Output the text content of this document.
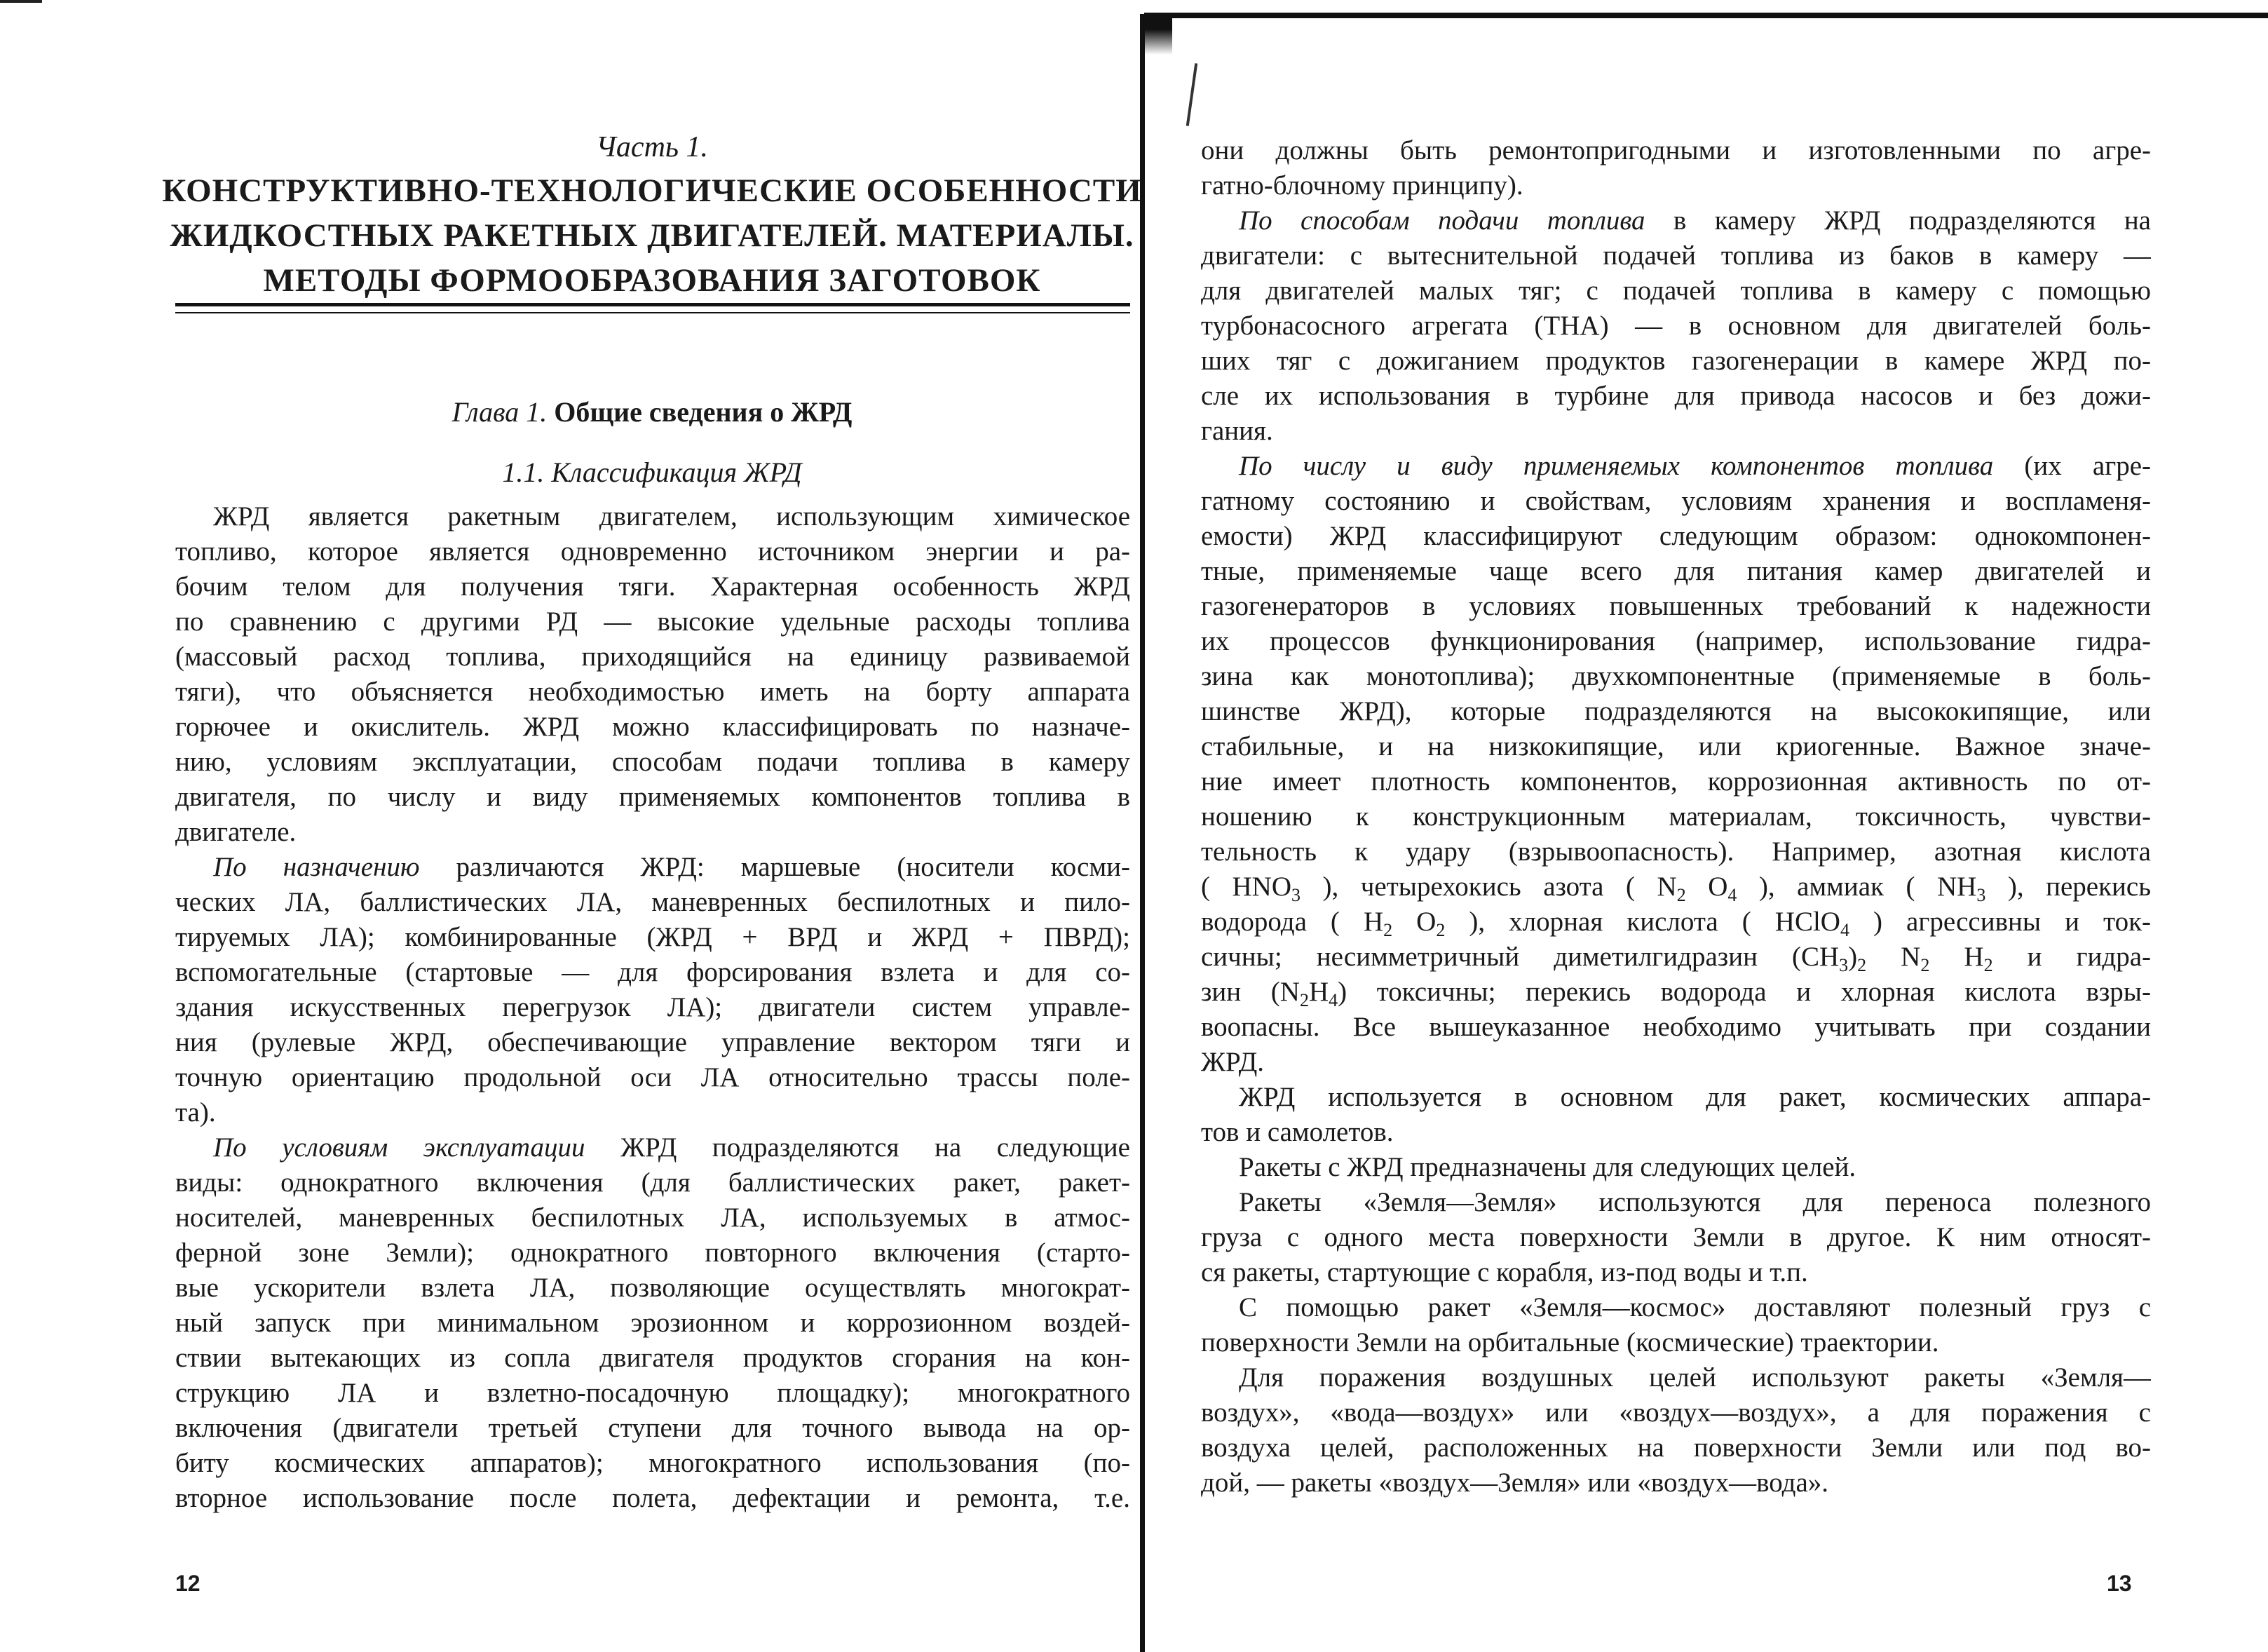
Часть 1.
КОНСТРУКТИВНО-ТЕХНОЛОГИЧЕСКИЕ ОСОБЕННОСТИ
ЖИДКОСТНЫХ РАКЕТНЫХ ДВИГАТЕЛЕЙ. МАТЕРИАЛЫ.
МЕТОДЫ ФОРМООБРАЗОВАНИЯ ЗАГОТОВОК
Глава 1. Общие сведения о ЖРД
1.1. Классификация ЖРД
ЖРД является ракетным двигателем, использующим химическое
топливо, которое является одновременно источником энергии и ра-
бочим телом для получения тяги. Характерная особенность ЖРД
по сравнению с другими РД — высокие удельные расходы топлива
(массовый расход топлива, приходящийся на единицу развиваемой
тяги), что объясняется необходимостью иметь на борту аппарата
горючее и окислитель. ЖРД можно классифицировать по назначе-
нию, условиям эксплуатации, способам подачи топлива в камеру
двигателя, по числу и виду применяемых компонентов топлива в
двигателе.
По назначению различаются ЖРД: маршевые (носители косми-
ческих ЛА, баллистических ЛА, маневренных беспилотных и пило-
тируемых ЛА); комбинированные (ЖРД + ВРД и ЖРД + ПВРД);
вспомогательные (стартовые — для форсирования взлета и для со-
здания искусственных перегрузок ЛА); двигатели систем управле-
ния (рулевые ЖРД, обеспечивающие управление вектором тяги и
точную ориентацию продольной оси ЛА относительно трассы поле-
та).
По условиям эксплуатации ЖРД подразделяются на следующие
виды: однократного включения (для баллистических ракет, ракет-
носителей, маневренных беспилотных ЛА, используемых в атмос-
ферной зоне Земли); однократного повторного включения (старто-
вые ускорители взлета ЛА, позволяющие осуществлять многократ-
ный запуск при минимальном эрозионном и коррозионном воздей-
ствии вытекающих из сопла двигателя продуктов сгорания на кон-
струкцию ЛА и взлетно-посадочную площадку); многократного
включения (двигатели третьей ступени для точного вывода на ор-
биту космических аппаратов); многократного использования (по-
вторное использование после полета, дефектации и ремонта, т.е.
12
они должны быть ремонтопригодными и изготовленными по агре-
гатно-блочному принципу).
По способам подачи топлива в камеру ЖРД подразделяются на
двигатели: с вытеснительной подачей топлива из баков в камеру —
для двигателей малых тяг; с подачей топлива в камеру с помощью
турбонасосного агрегата (ТНА) — в основном для двигателей боль-
ших тяг с дожиганием продуктов газогенерации в камере ЖРД по-
сле их использования в турбине для привода насосов и без дожи-
гания.
По числу и виду применяемых компонентов топлива (их агре-
гатному состоянию и свойствам, условиям хранения и воспламеня-
емости) ЖРД классифицируют следующим образом: однокомпонен-
тные, применяемые чаще всего для питания камер двигателей и
газогенераторов в условиях повышенных требований к надежности
их процессов функционирования (например, использование гидра-
зина как монотоплива); двухкомпонентные (применяемые в боль-
шинстве ЖРД), которые подразделяются на высококипящие, или
стабильные, и на низкокипящие, или криогенные. Важное значе-
ние имеет плотность компонентов, коррозионная активность по от-
ношению к конструкционным материалам, токсичность, чувстви-
тельность к удару (взрывоопасность). Например, азотная кислота
( $HNO_3$ ), четырехокись азота ( $N_2$ $O_4$ ), аммиак ( $NH_3$ ), перекись
водорода ( $H_2$ $O_2$ ), хлорная кислота ( HClO$_4$ ) агрессивны и ток-
сичны; несимметричный диметилгидразин $(CH_3)_2$ $N_2$ $H_2$ и гидра-
зин $(N_2H_4)$ токсичны; перекись водорода и хлорная кислота взры-
воопасны. Все вышеуказанное необходимо учитывать при создании
ЖРД.
ЖРД используется в основном для ракет, космических аппара-
тов и самолетов.
Ракеты с ЖРД предназначены для следующих целей.
Ракеты «Земля—Земля» используются для переноса полезного
груза с одного места поверхности Земли в другое. К ним относят-
ся ракеты, стартующие с корабля, из-под воды и т.п.
С помощью ракет «Земля—космос» доставляют полезный груз с
поверхности Земли на орбитальные (космические) траектории.
Для поражения воздушных целей используют ракеты «Земля—
воздух», «вода—воздух» или «воздух—воздух», а для поражения с
воздуха целей, расположенных на поверхности Земли или под во-
дой, — ракеты «воздух—Земля» или «воздух—вода».
13
